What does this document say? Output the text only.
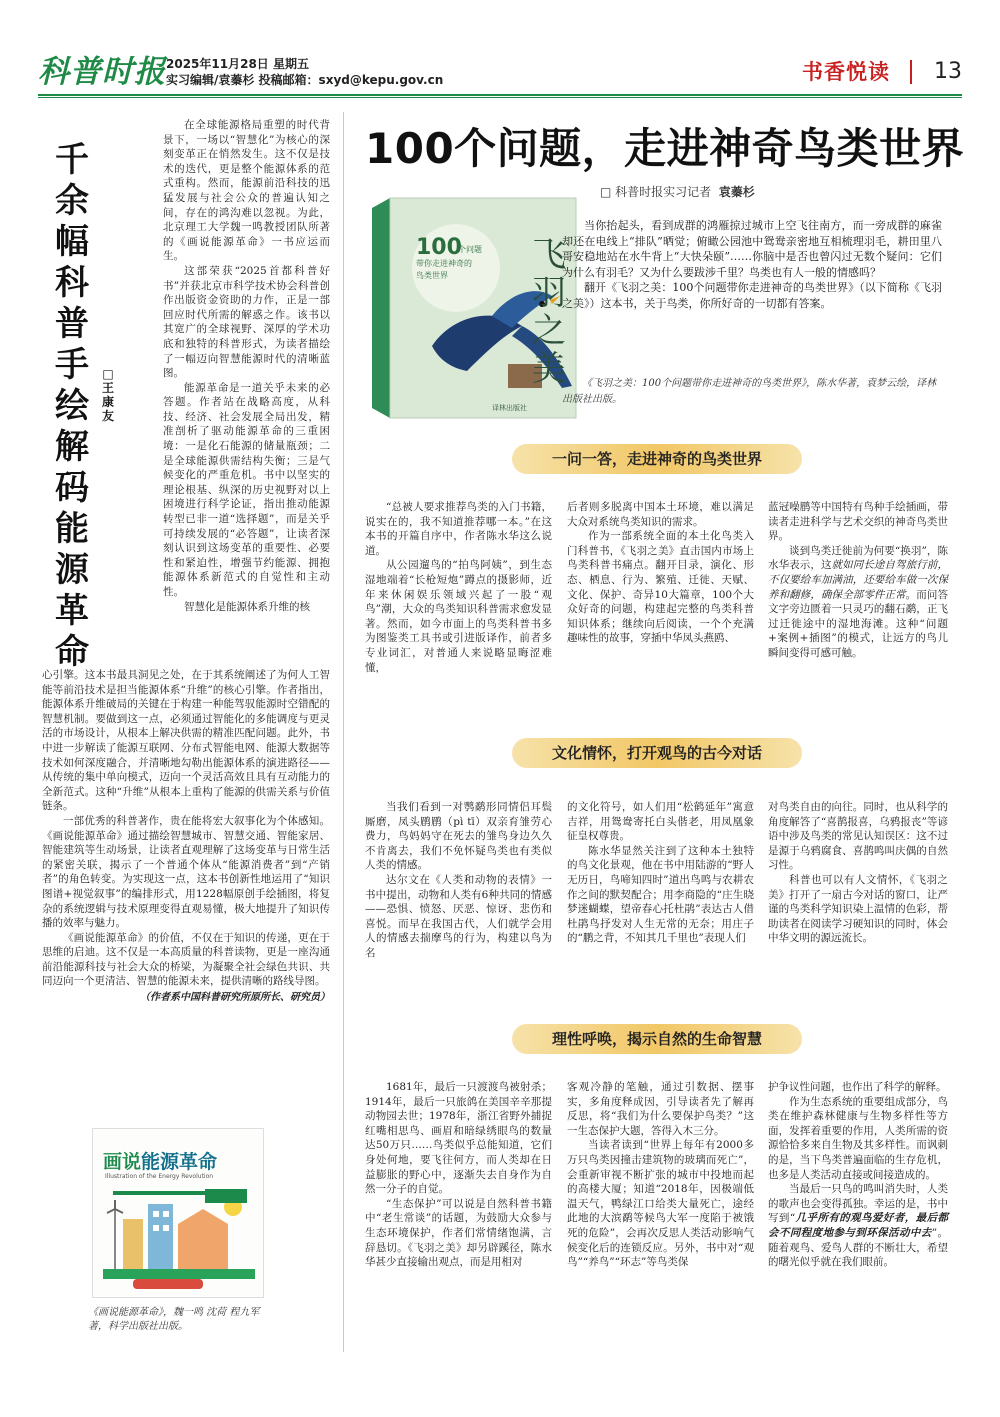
科普时报 2025年11月28日 星期五
实习编辑/袁蓁杉 投稿邮箱：sxyd@kepu.gov.cn	书香悦读 13
千
余
幅
科
普
手
绘
解
码
能
源
革
命
□
王
康
友

在全球能源格局重塑的时代背景下，一场以“智慧化”为核心的深刻变革正在悄然发生。这不仅是技术的迭代，更是整个能源体系的范式重构。然而，能源前沿科技的迅猛发展与社会公众的普遍认知之间，存在的鸿沟难以忽视。为此，北京理工大学魏一鸣教授团队所著的《画说能源革命》一书应运而生。

这部荣获“2025首都科普好书”并获北京市科学技术协会科普创作出版资金资助的力作，正是一部回应时代所需的解惑之作。该书以其宽广的全球视野、深厚的学术功底和独特的科普形式，为读者描绘了一幅迈向智慧能源时代的清晰蓝图。

能源革命是一道关乎未来的必答题。作者站在战略高度，从科技、经济、社会发展全局出发，精准剖析了驱动能源革命的三重困境：一是化石能源的储量瓶颈；二是全球能源供需结构失衡；三是气候变化的严重危机。书中以坚实的理论根基、纵深的历史视野对以上困境进行科学论证，指出推动能源转型已非一道“选择题”，而是关乎可持续发展的“必答题”，让读者深刻认识到这场变革的重要性、必要性和紧迫性，增强节约能源、拥抱能源体系新范式的自觉性和主动性。

智慧化是能源体系升维的核

心引擎。这本书最具洞见之处，在于其系统阐述了为何人工智能等前沿技术是担当能源体系“升维”的核心引擎。作者指出，能源体系升维破局的关键在于构建一种能驾驭能源时空错配的智慧机制。要做到这一点，必须通过智能化的多能调度与更灵活的市场设计，从根本上解决供需的精准匹配问题。此外，书中进一步解读了能源互联网、分布式智能电网、能源大数据等技术如何深度融合，并清晰地勾勒出能源体系的演进路径——从传统的集中单向模式，迈向一个灵活高效且具有互动能力的全新范式。这种“升维”从根本上重构了能源的供需关系与价值链条。

一部优秀的科普著作，贵在能将宏大叙事化为个体感知。《画说能源革命》通过描绘智慧城市、智慧交通、智能家居、智能建筑等生动场景，让读者直观理解了这场变革与日常生活的紧密关联，揭示了一个普通个体从“能源消费者”到“产销者”的角色转变。为实现这一点，这本书创新性地运用了“知识图谱+视觉叙事”的编排形式，用1228幅原创手绘插图，将复杂的系统逻辑与技术原理变得直观易懂，极大地提升了知识传播的效率与魅力。

《画说能源革命》的价值，不仅在于知识的传递，更在于思维的启迪。这不仅是一本高质量的科普读物，更是一座沟通前沿能源科技与社会大众的桥梁，为凝聚全社会绿色共识、共同迈向一个更清洁、智慧的能源未来，提供清晰的路线导图。

（作者系中国科普研究所原所长、研究员）
画说能源革命
Illustration of the Energy Revolution
《画说能源革命》，魏一鸣 沈荷 程九军著，科学出版社出版。
100个问题，走进神奇鸟类世界
□ 科普时报实习记者 袁蓁杉
飞
羽
之
美
100
个问题
带你走进神奇的
鸟类世界
译林出版社

当你抬起头，看到成群的鸿雁掠过城市上空飞往南方，而一旁成群的麻雀却还在电线上“排队”晒觉；俯瞰公园池中鸳鸯亲密地互相梳理羽毛，耕田里八哥安稳地站在水牛背上“大快朵颐”……你脑中是否也曾闪过无数个疑问：它们为什么有羽毛？又为什么要跋涉千里？鸟类也有人一般的情感吗？

翻开《飞羽之美：100个问题带你走进神奇的鸟类世界》（以下简称《飞羽之美》）这本书，关于鸟类，你所好奇的一切都有答案。

《飞羽之美：100个问题带你走进神奇的鸟类世界》，陈水华著，袁梦云绘，译林出版社出版。
一问一答，走进神奇的鸟类世界

“总被人要求推荐鸟类的入门书籍，说实在的，我不知道推荐哪一本。”在这本书的开篇自序中，作者陈水华这么说道。

从公园遛鸟的“拍鸟阿姨”，到生态湿地端着“长枪短炮”蹲点的摄影师，近年来休闲娱乐领域兴起了一股“观鸟”潮，大众的鸟类知识科普需求愈发显著。然而，如今市面上的鸟类科普书多为图鉴类工具书或引进版译作，前者多专业词汇，对普通人来说略显晦涩难懂，

后者则多脱离中国本土环境，难以满足大众对系统鸟类知识的需求。

作为一部系统全面的本土化鸟类入门科普书，《飞羽之美》直击国内市场上鸟类科普书痛点。翻开目录，演化、形态、栖息、行为、繁殖、迁徙、天赋、文化、保护、奇异10大篇章，100个大众好奇的问题，构建起完整的鸟类科普知识体系；继续向后阅读，一个个充满趣味性的故事，穿插中华凤头燕鸥、

蓝冠噪鹛等中国特有鸟种手绘插画，带读者走进科学与艺术交织的神奇鸟类世界。

谈到鸟类迁徙前为何要“换羽”，陈水华表示，这就如同长途自驾旅行前，不仅要给车加满油，还要给车做一次保养和翻修，确保全部零件正常。而问答文字旁边匮着一只灵巧的翻石鹬，正飞过迁徙途中的湿地海滩。这种“问题+案例+插图”的模式，让远方的鸟儿瞬间变得可感可触。

文化情怀，打开观鸟的古今对话

当我们看到一对鹗鹬形同情侣耳鬓厮磨，凤头鹛鹛（pì tī）双亲育雏劳心费力，鸟妈妈守在死去的雏鸟身边久久不肯离去，我们不免怀疑鸟类也有类似人类的情感。

达尔文在《人类和动物的表情》一书中提出，动物和人类有6种共同的情感——恐惧、愤怒、厌恶、惊讶、悲伤和喜悦。而早在我国古代，人们就学会用人的情感去揣摩鸟的行为，构建以鸟为名

的文化符号，如人们用“松鹤延年”寓意吉祥，用鸳鸯寄托白头偕老，用凤凰象征皇权尊贵。

陈水华显然关注到了这种本土独特的鸟文化景观，他在书中用陆游的“野人无历日，鸟啼知四时”道出鸟鸣与农耕农作之间的默契配合；用李商隐的“庄生晓梦迷蝴蝶，望帝春心托杜鹃”表达古人借杜鹃鸟抒发对人生无常的无奈；用庄子的“鹏之背，不知其几千里也”表现人们

对鸟类自由的向往。同时，也从科学的角度解答了“喜鹊报喜，乌鸦报丧”等谚语中涉及鸟类的常见认知误区：这不过是源于乌鸦腐食、喜鹊鸣叫庆偶的自然习性。

科普也可以有人文情怀，《飞羽之美》打开了一扇古今对话的窗口，让严谨的鸟类科学知识染上温情的色彩，帮助读者在阅读学习硬知识的同时，体会中华文明的源远流长。

理性呼唤，揭示自然的生命智慧

1681年，最后一只渡渡鸟被射杀；1914年，最后一只旅鸽在美国辛辛那提动物园去世；1978年，浙江省野外捕捉红嘴相思鸟、画眉和暗绿绣眼鸟的数量达50万只……鸟类似乎总能知道，它们身处何地，要飞往何方，而人类却在日益膨胀的野心中，逐渐失去自身作为自然一分子的自觉。

“生态保护”可以说是自然科普书籍中“老生常谈”的话题，为鼓励大众参与生态环境保护，作者们常情绪饱满，言辞恳切。《飞羽之美》却另辟蹊径，陈水华甚少直接输出观点，而是用相对

客观冷静的笔触，通过引数据、摆事实，多角度释成因，引导读者先了解再反思，将“我们为什么要保护鸟类？”这一生态保护大题，答得入木三分。

当读者读到“世界上每年有2000多万只鸟类因撞击建筑物的玻璃而死亡”，会重新审视不断扩张的城市中投地而起的高楼大厦；知道“2018年，因极端低温天气，鸭绿江口给类大量死亡，途经此地的大滨鹬等候鸟大军一度陷于被饿死的危险”，会再次反思人类活动影响气候变化后的连锁反应。另外，书中对“观鸟”“养鸟”“环志”等鸟类保

护争议性问题，也作出了科学的解释。

作为生态系统的重要组成部分，鸟类在维护森林健康与生物多样性等方面，发挥着重要的作用，人类所需的资源恰恰多来自生物及其多样性。而讽刺的是，当下鸟类普遍面临的生存危机，也多是人类活动直接或间接造成的。

当最后一只鸟的鸣叫消失时，人类的歌声也会变得孤独。幸运的是，书中写到“几乎所有的观鸟爱好者，最后都会不同程度地参与到环保活动中去”。随着观鸟、爱鸟人群的不断壮大，希望的曙光似乎就在我们眼前。
